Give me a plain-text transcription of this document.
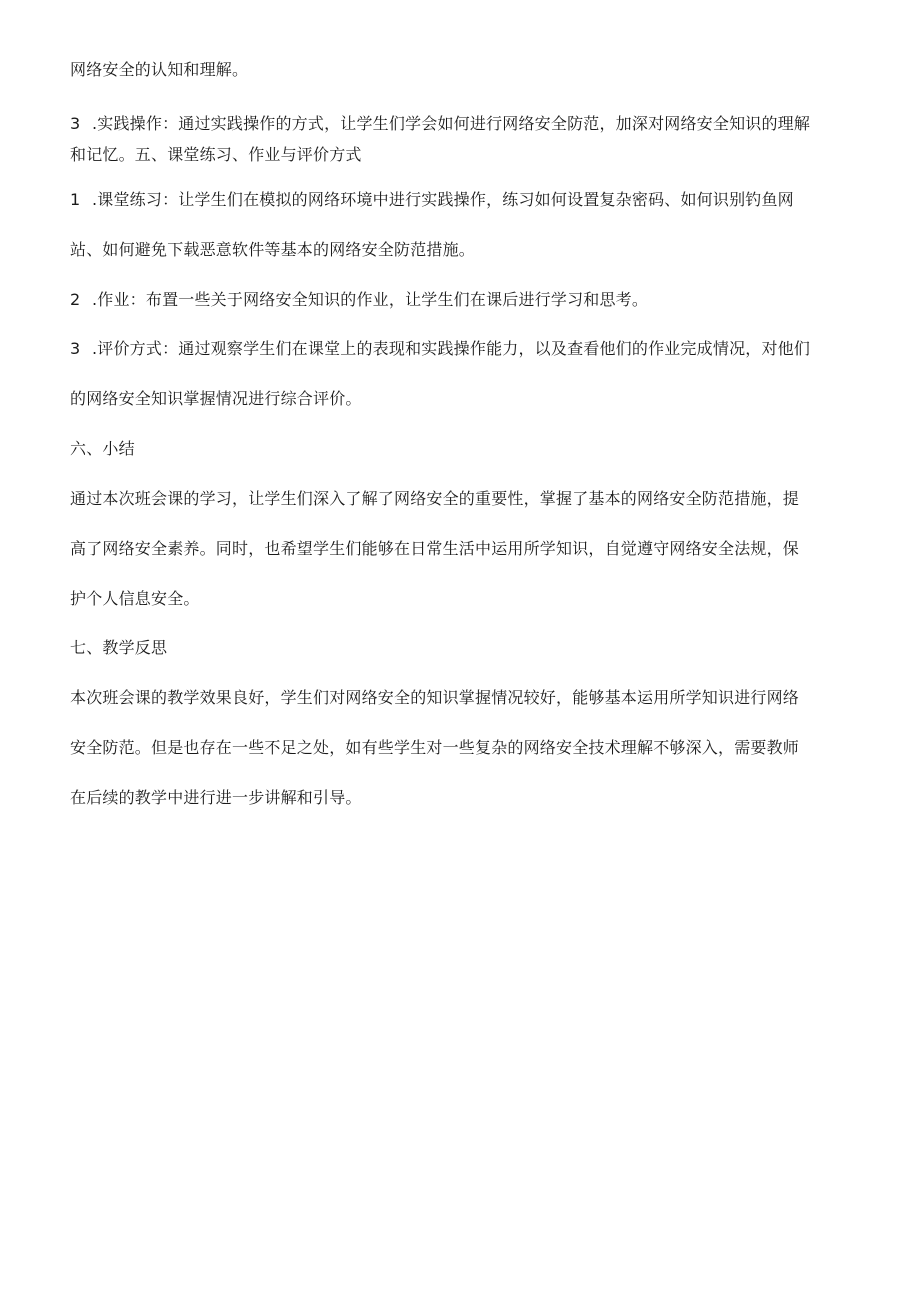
网络安全的认知和理解。
3 .实践操作：通过实践操作的方式，让学生们学会如何进行网络安全防范，加深对网络安全知识的理解
和记忆。五、课堂练习、作业与评价方式
1 .课堂练习：让学生们在模拟的网络环境中进行实践操作，练习如何设置复杂密码、如何识别钓鱼网
站、如何避免下载恶意软件等基本的网络安全防范措施。
2 .作业：布置一些关于网络安全知识的作业，让学生们在课后进行学习和思考。
3 .评价方式：通过观察学生们在课堂上的表现和实践操作能力，以及查看他们的作业完成情况，对他们
的网络安全知识掌握情况进行综合评价。
六、小结
通过本次班会课的学习，让学生们深入了解了网络安全的重要性，掌握了基本的网络安全防范措施，提
高了网络安全素养。同时，也希望学生们能够在日常生活中运用所学知识，自觉遵守网络安全法规，保
护个人信息安全。
七、教学反思
本次班会课的教学效果良好，学生们对网络安全的知识掌握情况较好，能够基本运用所学知识进行网络
安全防范。但是也存在一些不足之处，如有些学生对一些复杂的网络安全技术理解不够深入，需要教师
在后续的教学中进行进一步讲解和引导。
